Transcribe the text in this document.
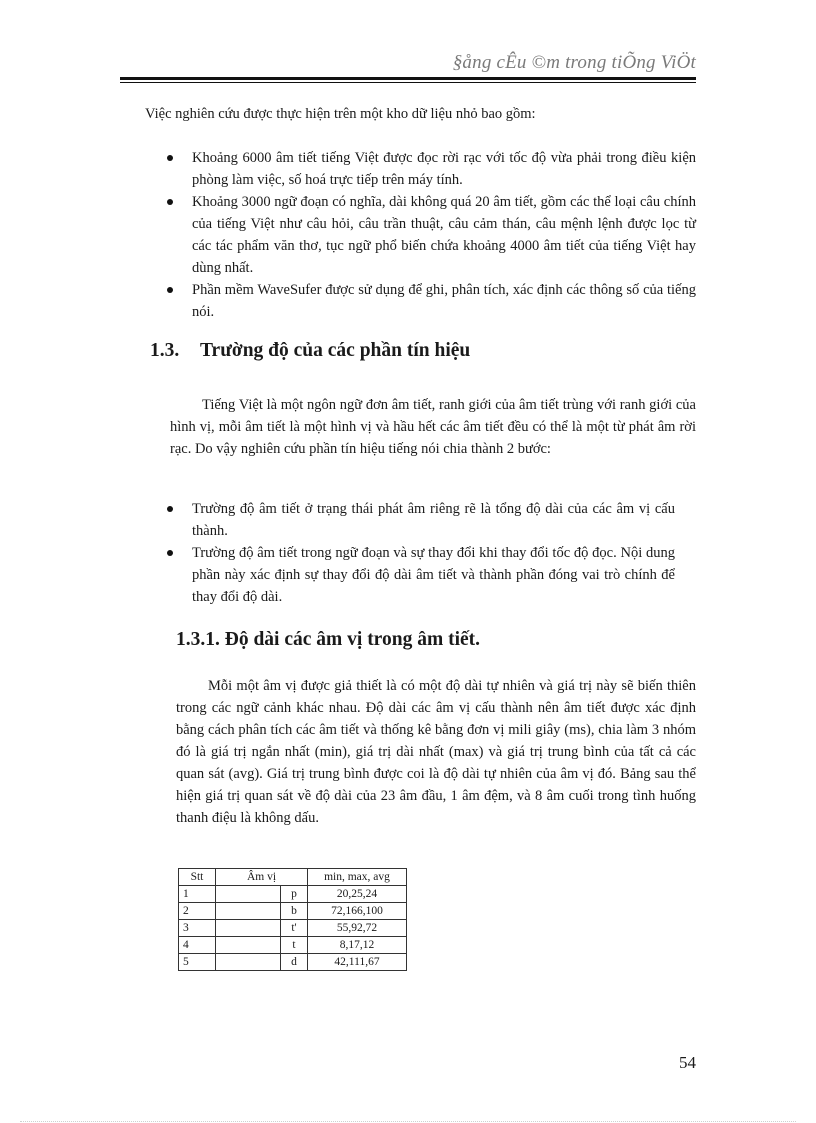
§ång cÊu ©m trong tiÕng ViÖt
Việc nghiên cứu được thực hiện trên một kho dữ liệu nhỏ bao gồm:
Khoảng 6000 âm tiết tiếng Việt được đọc rời rạc với tốc độ vừa phải trong điều kiện phòng làm việc, số hoá trực tiếp trên máy tính.
Khoảng 3000 ngữ đoạn có nghĩa, dài không quá 20 âm tiết, gồm các thể loại câu chính của tiếng Việt như câu hỏi, câu trần thuật, câu cảm thán, câu mệnh lệnh được lọc từ các tác phẩm văn thơ, tục ngữ phổ biến chứa khoảng 4000 âm tiết của tiếng Việt hay dùng nhất.
Phần mềm WaveSufer được sử dụng để ghi, phân tích, xác định các thông số của tiếng nói.
1.3. Trường độ của các phần tín hiệu

Tiếng Việt là một ngôn ngữ đơn âm tiết, ranh giới của âm tiết trùng với ranh giới của hình vị, mỗi âm tiết là một hình vị và hầu hết các âm tiết đều có thể là một từ phát âm rời rạc. Do vậy nghiên cứu phần tín hiệu tiếng nói chia thành 2 bước:

Trường độ âm tiết ở trạng thái phát âm riêng rẽ là tổng độ dài của các âm vị cấu thành.
Trường độ âm tiết trong ngữ đoạn và sự thay đổi khi thay đổi tốc độ đọc. Nội dung phần này xác định sự thay đổi độ dài âm tiết và thành phần đóng vai trò chính để thay đổi độ dài.
1.3.1. Độ dài các âm vị trong âm tiết.

Mỗi một âm vị được giả thiết là có một độ dài tự nhiên và giá trị này sẽ biến thiên trong các ngữ cảnh khác nhau. Độ dài các âm vị cấu thành nên âm tiết được xác định bằng cách phân tích các âm tiết và thống kê bằng đơn vị mili giây (ms), chia làm 3 nhóm đó là giá trị ngắn nhất (min), giá trị dài nhất (max) và giá trị trung bình của tất cả các quan sát (avg). Giá trị trung bình được coi là độ dài tự nhiên của âm vị đó. Bảng sau thể hiện giá trị quan sát về độ dài của 23 âm đầu, 1 âm đệm, và 8 âm cuối trong tình huống thanh điệu là không dấu.

Stt	Âm vị		min, max, avg
1		p	20,25,24
2		b	72,166,100
3		t'	55,92,72
4		t	8,17,12
5		d	42,111,67
54
